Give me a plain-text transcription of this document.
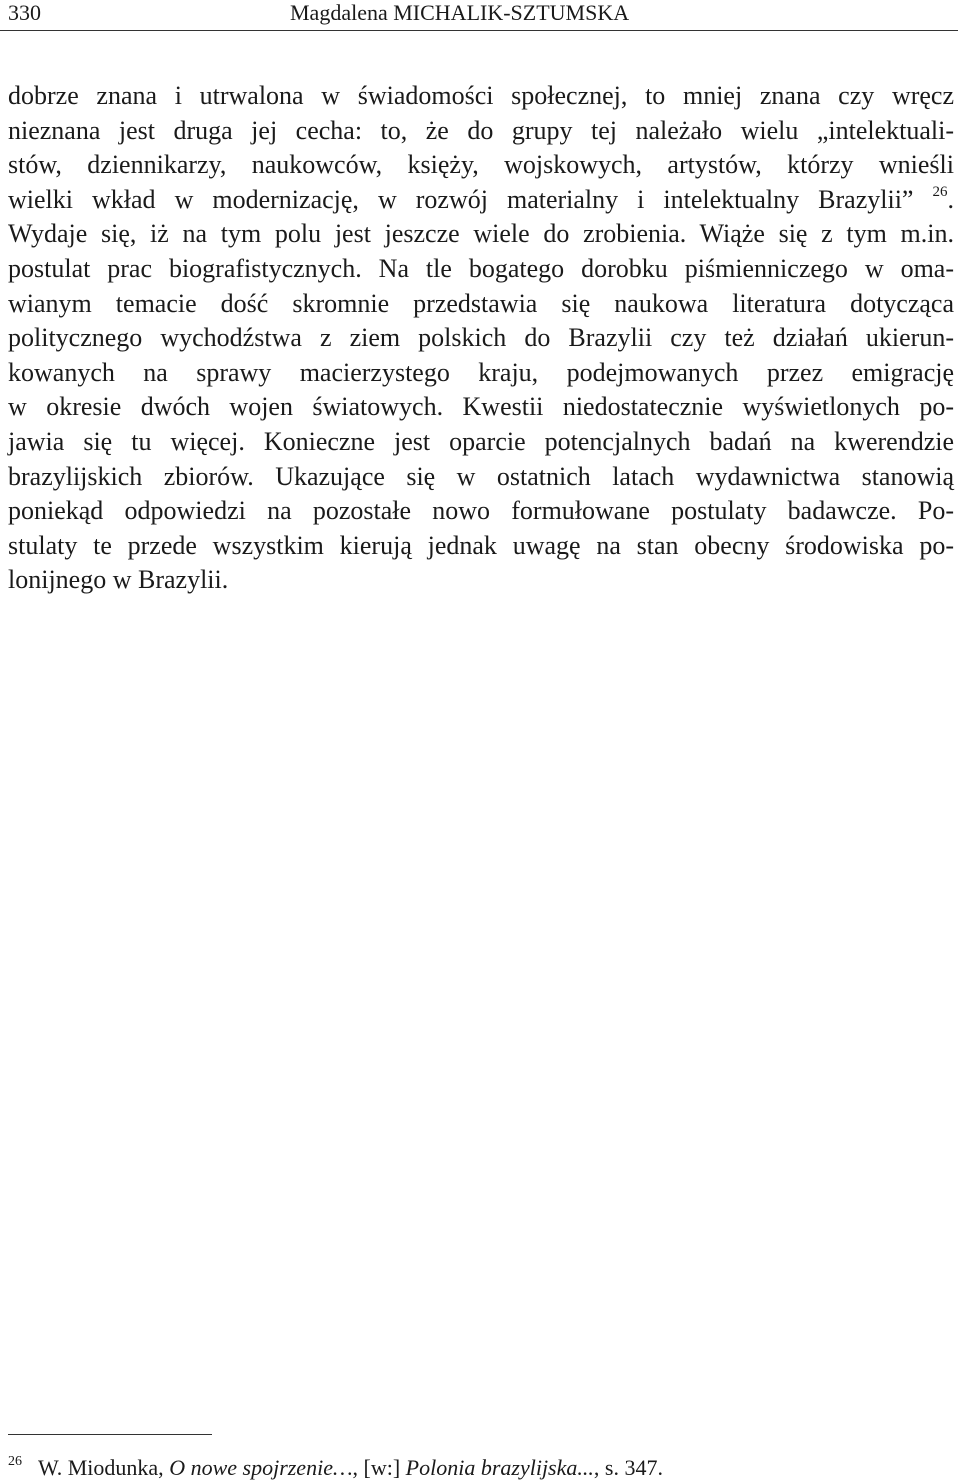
330	Magdalena MICHALIK-SZTUMSKA
dobrze znana i utrwalona w świadomości społecznej, to mniej znana czy wręcz
nieznana jest druga jej cecha: to, że do grupy tej należało wielu „intelektuali-
stów, dziennikarzy, naukowców, księży, wojskowych, artystów, którzy wnieśli
wielki wkład w modernizację, w rozwój materialny i intelektualny Brazylii” $^{26}$.
Wydaje się, iż na tym polu jest jeszcze wiele do zrobienia. Wiąże się z tym m.in.
postulat prac biografistycznych. Na tle bogatego dorobku piśmienniczego w oma-
wianym temacie dość skromnie przedstawia się naukowa literatura dotycząca
politycznego wychodźstwa z ziem polskich do Brazylii czy też działań ukierun-
kowanych na sprawy macierzystego kraju, podejmowanych przez emigrację
w okresie dwóch wojen światowych. Kwestii niedostatecznie wyświetlonych po-
jawia się tu więcej. Konieczne jest oparcie potencjalnych badań na kwerendzie
brazylijskich zbiorów. Ukazujące się w ostatnich latach wydawnictwa stanowią
poniekąd odpowiedzi na pozostałe nowo formułowane postulaty badawcze. Po-
stulaty te przede wszystkim kierują jednak uwagę na stan obecny środowiska po-
lonijnego w Brazylii.
$^{26}$ W. Miodunka, O nowe spojrzenie…, [w:] Polonia brazylijska..., s. 347.
